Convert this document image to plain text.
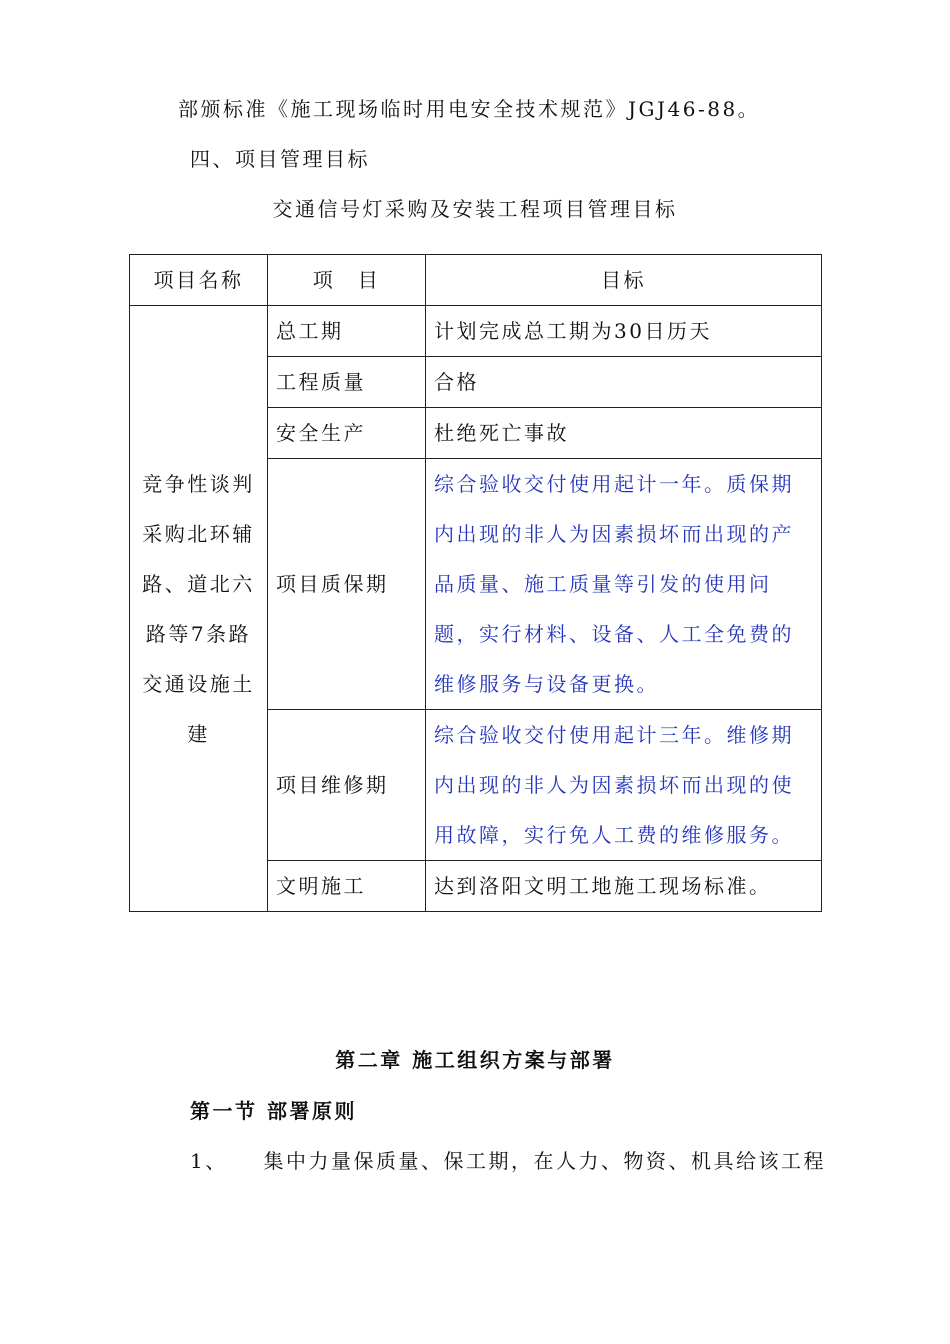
部颁标准《施工现场临时用电安全技术规范》JGJ46-88。
四、项目管理目标
交通信号灯采购及安装工程项目管理目标
项目名称	项　目	目标
竞争性谈判采购北环辅路、道北六路等7条路交通设施土建	总工期	计划完成总工期为30日历天
	工程质量	合格
	安全生产	杜绝死亡事故
	项目质保期	综合验收交付使用起计一年。质保期内出现的非人为因素损坏而出现的产品质量、施工质量等引发的使用问题，实行材料、设备、人工全免费的维修服务与设备更换。
	项目维修期	综合验收交付使用起计三年。维修期内出现的非人为因素损坏而出现的使用故障，实行免人工费的维修服务。
	文明施工	达到洛阳文明工地施工现场标准。
第二章 施工组织方案与部署
第一节 部署原则
1、 集中力量保质量、保工期，在人力、物资、机具给该工程
